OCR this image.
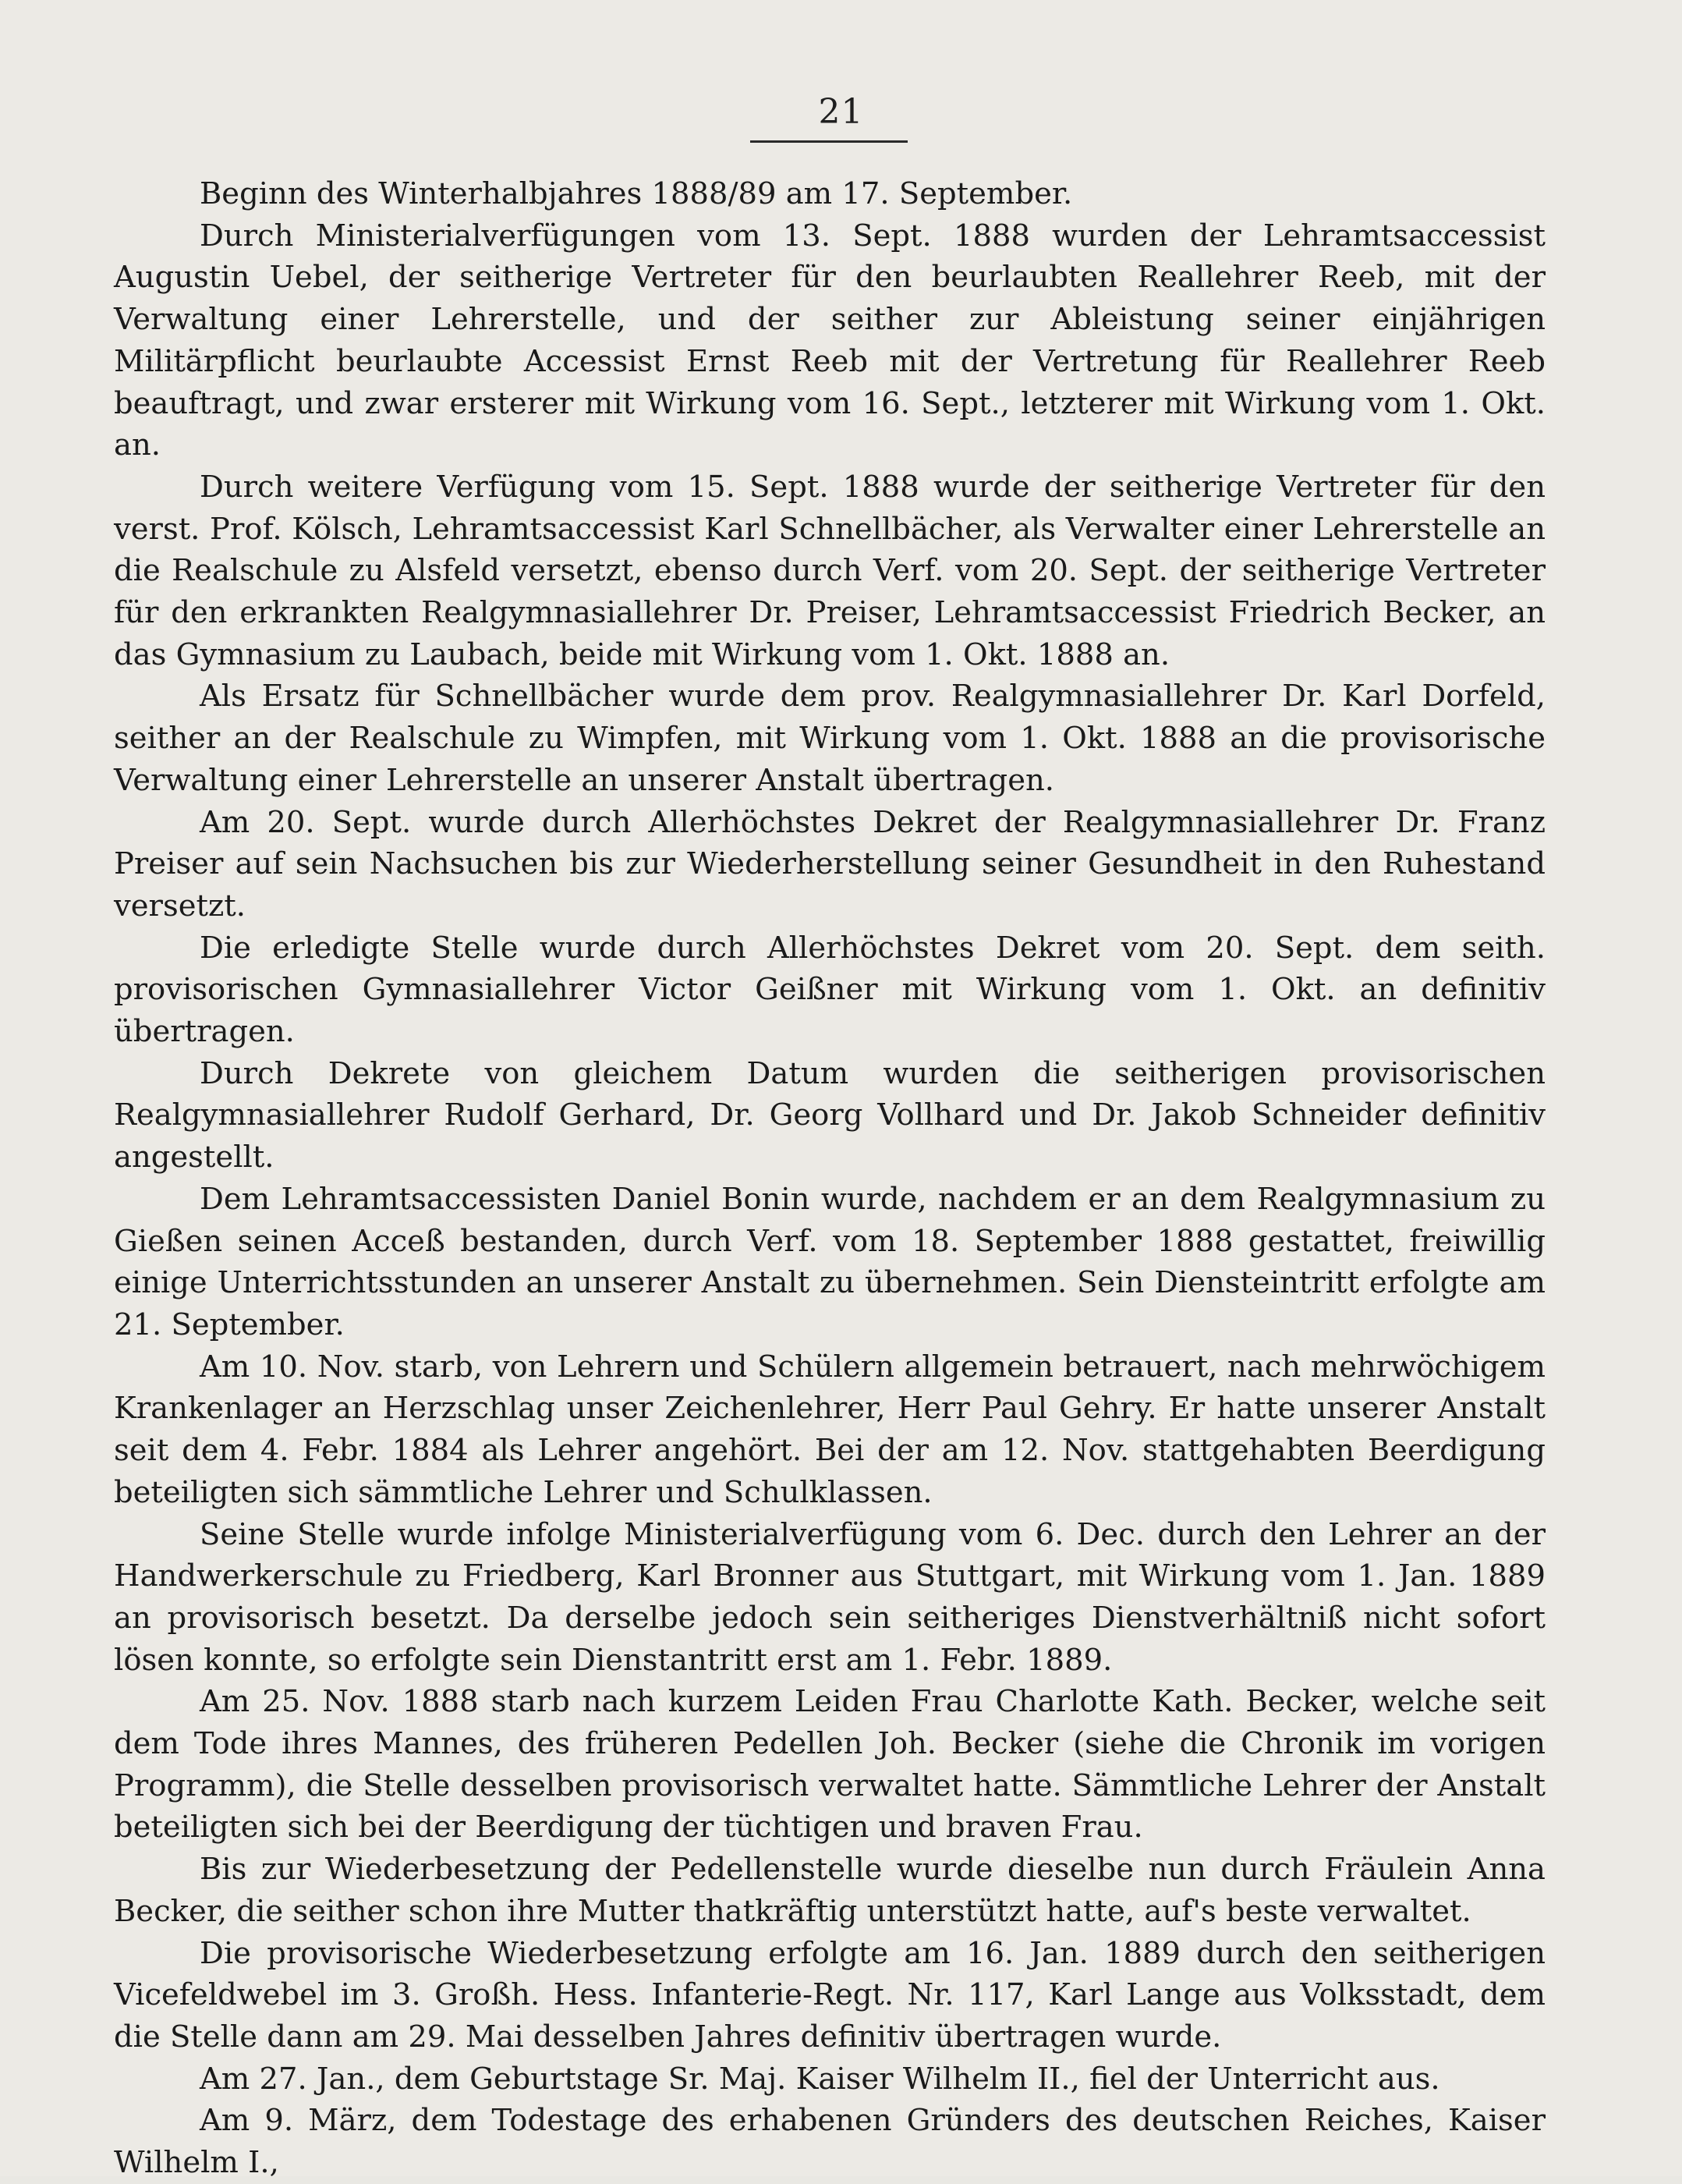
21

Beginn des Winterhalbjahres 1888/89 am 17. September.

Durch Ministerialverfügungen vom 13. Sept. 1888 wurden der Lehramtsaccessist Augustin Uebel, der seitherige Vertreter für den beurlaubten Reallehrer Reeb, mit der Verwaltung einer Lehrerstelle, und der seither zur Ableistung seiner einjährigen Militärpflicht beurlaubte Accessist Ernst Reeb mit der Vertretung für Reallehrer Reeb beauftragt, und zwar ersterer mit Wirkung vom 16. Sept., letzterer mit Wirkung vom 1. Okt. an.

Durch weitere Verfügung vom 15. Sept. 1888 wurde der seitherige Vertreter für den verst. Prof. Kölsch, Lehramtsaccessist Karl Schnellbächer, als Verwalter einer Lehrerstelle an die Realschule zu Alsfeld versetzt, ebenso durch Verf. vom 20. Sept. der seitherige Vertreter für den erkrankten Realgymnasiallehrer Dr. Preiser, Lehramtsaccessist Friedrich Becker, an das Gymnasium zu Laubach, beide mit Wirkung vom 1. Okt. 1888 an.

Als Ersatz für Schnellbächer wurde dem prov. Realgymnasiallehrer Dr. Karl Dorfeld, seither an der Realschule zu Wimpfen, mit Wirkung vom 1. Okt. 1888 an die provisorische Verwaltung einer Lehrerstelle an unserer Anstalt übertragen.

Am 20. Sept. wurde durch Allerhöchstes Dekret der Realgymnasiallehrer Dr. Franz Preiser auf sein Nachsuchen bis zur Wiederherstellung seiner Gesundheit in den Ruhestand versetzt.

Die erledigte Stelle wurde durch Allerhöchstes Dekret vom 20. Sept. dem seith. provisorischen Gymnasiallehrer Victor Geißner mit Wirkung vom 1. Okt. an definitiv übertragen.

Durch Dekrete von gleichem Datum wurden die seitherigen provisorischen Realgymnasiallehrer Rudolf Gerhard, Dr. Georg Vollhard und Dr. Jakob Schneider definitiv angestellt.

Dem Lehramtsaccessisten Daniel Bonin wurde, nachdem er an dem Realgymnasium zu Gießen seinen Acceß bestanden, durch Verf. vom 18. September 1888 gestattet, freiwillig einige Unterrichtsstunden an unserer Anstalt zu übernehmen. Sein Diensteintritt erfolgte am 21. September.

Am 10. Nov. starb, von Lehrern und Schülern allgemein betrauert, nach mehrwöchigem Krankenlager an Herzschlag unser Zeichenlehrer, Herr Paul Gehry. Er hatte unserer Anstalt seit dem 4. Febr. 1884 als Lehrer angehört. Bei der am 12. Nov. stattgehabten Beerdigung beteiligten sich sämmtliche Lehrer und Schulklassen.

Seine Stelle wurde infolge Ministerialverfügung vom 6. Dec. durch den Lehrer an der Handwerkerschule zu Friedberg, Karl Bronner aus Stuttgart, mit Wirkung vom 1. Jan. 1889 an provisorisch besetzt. Da derselbe jedoch sein seitheriges Dienstverhältniß nicht sofort lösen konnte, so erfolgte sein Dienstantritt erst am 1. Febr. 1889.

Am 25. Nov. 1888 starb nach kurzem Leiden Frau Charlotte Kath. Becker, welche seit dem Tode ihres Mannes, des früheren Pedellen Joh. Becker (siehe die Chronik im vorigen Programm), die Stelle desselben provisorisch verwaltet hatte. Sämmtliche Lehrer der Anstalt beteiligten sich bei der Beerdigung der tüchtigen und braven Frau.

Bis zur Wiederbesetzung der Pedellenstelle wurde dieselbe nun durch Fräulein Anna Becker, die seither schon ihre Mutter thatkräftig unterstützt hatte, auf's beste verwaltet.

Die provisorische Wiederbesetzung erfolgte am 16. Jan. 1889 durch den seitherigen Vicefeldwebel im 3. Großh. Hess. Infanterie-Regt. Nr. 117, Karl Lange aus Volksstadt, dem die Stelle dann am 29. Mai desselben Jahres definitiv übertragen wurde.

Am 27. Jan., dem Geburtstage Sr. Maj. Kaiser Wilhelm II., fiel der Unterricht aus.

Am 9. März, dem Todestage des erhabenen Gründers des deutschen Reiches, Kaiser Wilhelm I.,
